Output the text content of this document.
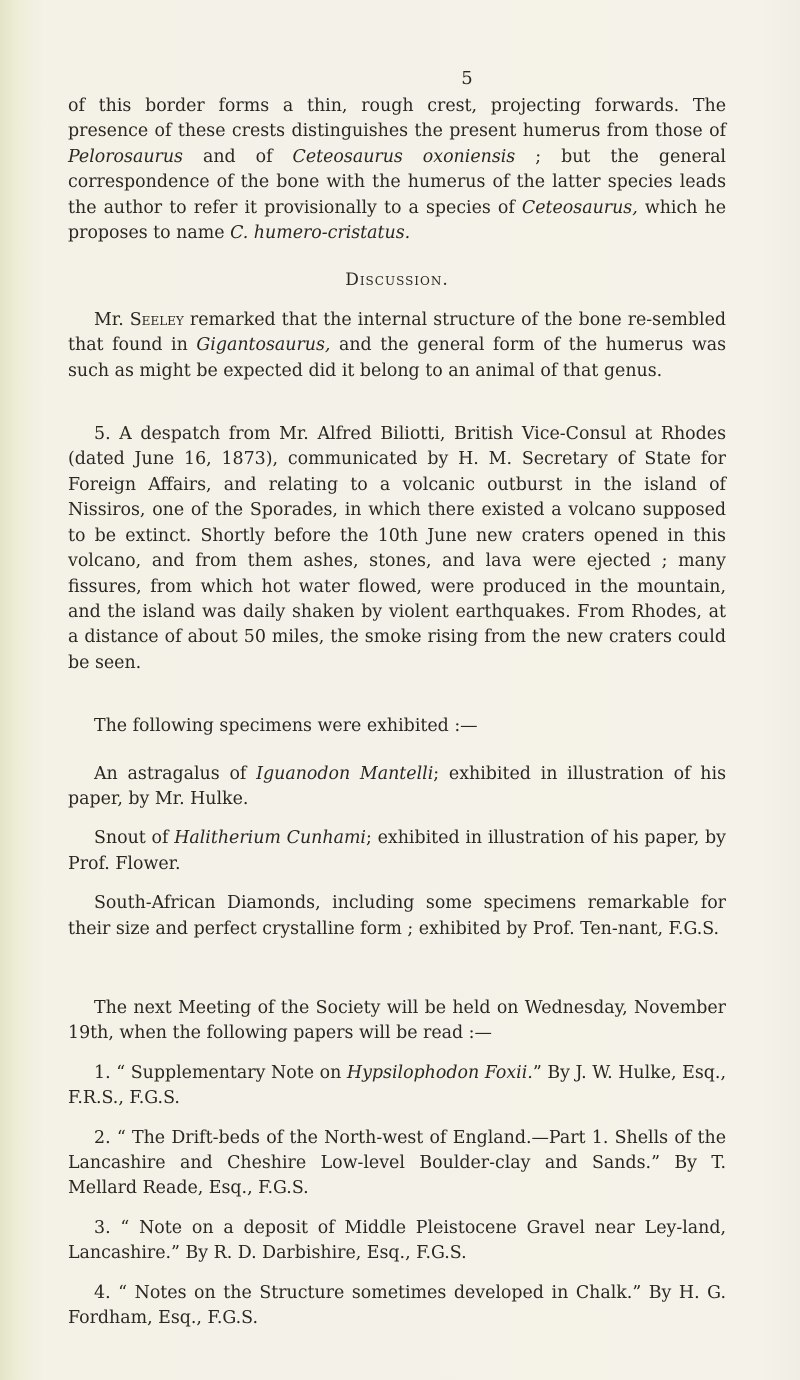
5

of this border forms a thin, rough crest, projecting forwards. The presence of these crests distinguishes the present humerus from those of Pelorosaurus and of Ceteosaurus oxoniensis ; but the general correspondence of the bone with the humerus of the latter species leads the author to refer it provisionally to a species of Ceteosaurus, which he proposes to name C. humero-cristatus.

Discussion.

Mr. Seeley remarked that the internal structure of the bone re-sembled that found in Gigantosaurus, and the general form of the humerus was such as might be expected did it belong to an animal of that genus.

5. A despatch from Mr. Alfred Biliotti, British Vice-Consul at Rhodes (dated June 16, 1873), communicated by H. M. Secretary of State for Foreign Affairs, and relating to a volcanic outburst in the island of Nissiros, one of the Sporades, in which there existed a volcano supposed to be extinct. Shortly before the 10th June new craters opened in this volcano, and from them ashes, stones, and lava were ejected ; many fissures, from which hot water flowed, were produced in the mountain, and the island was daily shaken by violent earthquakes. From Rhodes, at a distance of about 50 miles, the smoke rising from the new craters could be seen.

The following specimens were exhibited :—

An astragalus of Iguanodon Mantelli; exhibited in illustration of his paper, by Mr. Hulke.

Snout of Halitherium Cunhami; exhibited in illustration of his paper, by Prof. Flower.

South-African Diamonds, including some specimens remarkable for their size and perfect crystalline form ; exhibited by Prof. Ten-nant, F.G.S.

The next Meeting of the Society will be held on Wednesday, November 19th, when the following papers will be read :—

1. “ Supplementary Note on Hypsilophodon Foxii.” By J. W. Hulke, Esq., F.R.S., F.G.S.

2. “ The Drift-beds of the North-west of England.—Part 1. Shells of the Lancashire and Cheshire Low-level Boulder-clay and Sands.” By T. Mellard Reade, Esq., F.G.S.

3. “ Note on a deposit of Middle Pleistocene Gravel near Ley-land, Lancashire.” By R. D. Darbishire, Esq., F.G.S.

4. “ Notes on the Structure sometimes developed in Chalk.” By H. G. Fordham, Esq., F.G.S.
